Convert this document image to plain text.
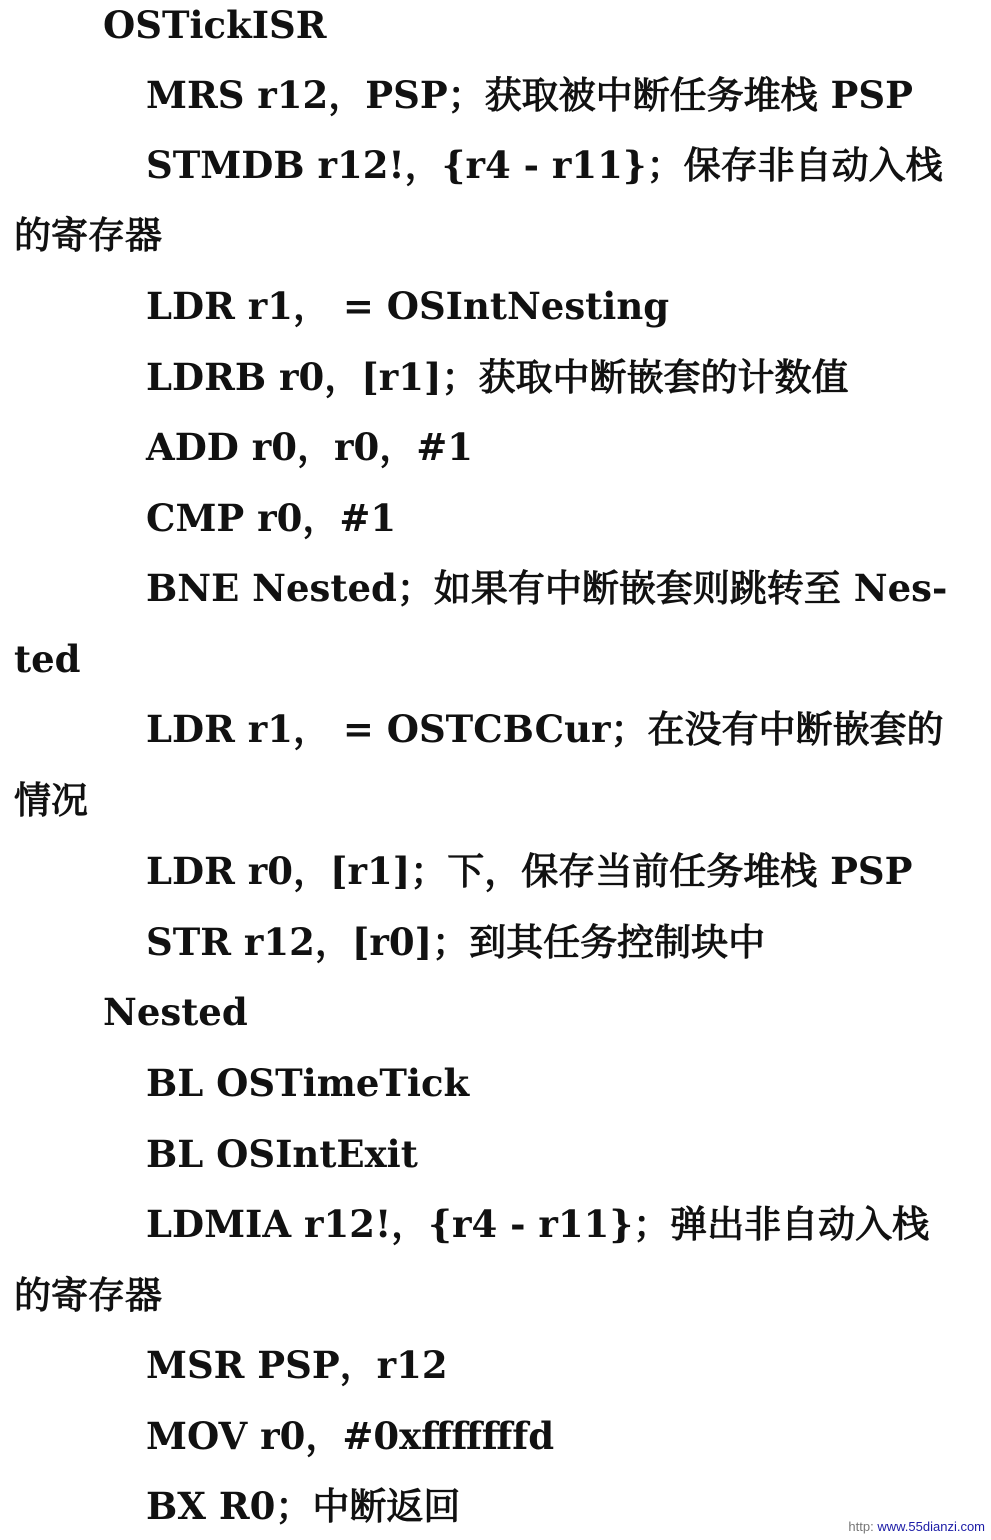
OSTickISR
MRS r12，PSP；获取被中断任务堆栈 PSP
STMDB r12!，{r4 - r11}；保存非自动入栈
的寄存器
LDR r1， = OSIntNesting
LDRB r0，[r1]；获取中断嵌套的计数值
ADD r0，r0，#1
CMP r0，#1
BNE Nested；如果有中断嵌套则跳转至 Nes-
ted
LDR r1， = OSTCBCur；在没有中断嵌套的
情况
LDR r0，[r1]；下，保存当前任务堆栈 PSP
STR r12，[r0]；到其任务控制块中
Nested
BL OSTimeTick
BL OSIntExit
LDMIA r12!，{r4 - r11}；弹出非自动入栈
的寄存器
MSR PSP，r12
MOV r0，#0xfffffffd
BX R0；中断返回	http: www.55dianzi.com
